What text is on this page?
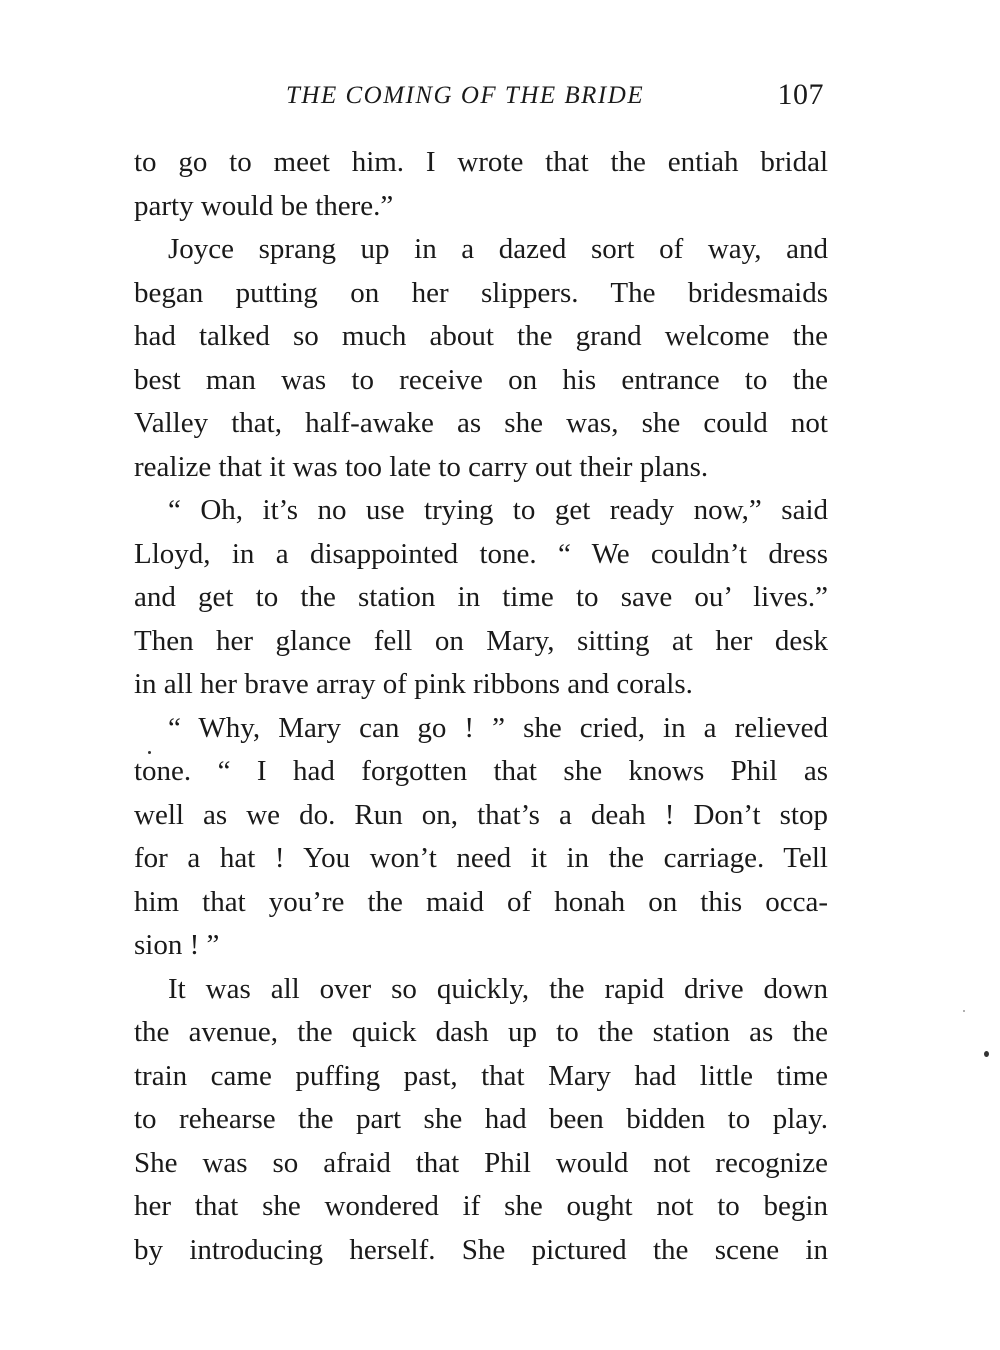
THE COMING OF THE BRIDE	107
to go to meet him. I wrote that the entiah bridal
party would be there.”
Joyce sprang up in a dazed sort of way, and
began putting on her slippers. The bridesmaids
had talked so much about the grand welcome the
best man was to receive on his entrance to the
Valley that, half-awake as she was, she could not
realize that it was too late to carry out their plans.
“ Oh, it’s no use trying to get ready now,” said
Lloyd, in a disappointed tone. “ We couldn’t dress
and get to the station in time to save ou’ lives.”
Then her glance fell on Mary, sitting at her desk
in all her brave array of pink ribbons and corals.
“ Why, Mary can go ! ” she cried, in a relieved
tone. “ I had forgotten that she knows Phil as
well as we do. Run on, that’s a deah ! Don’t stop
for a hat ! You won’t need it in the carriage. Tell
him that you’re the maid of honah on this occa-
sion ! ”
It was all over so quickly, the rapid drive down
the avenue, the quick dash up to the station as the
train came puffing past, that Mary had little time
to rehearse the part she had been bidden to play.
She was so afraid that Phil would not recognize
her that she wondered if she ought not to begin
by introducing herself. She pictured the scene in
